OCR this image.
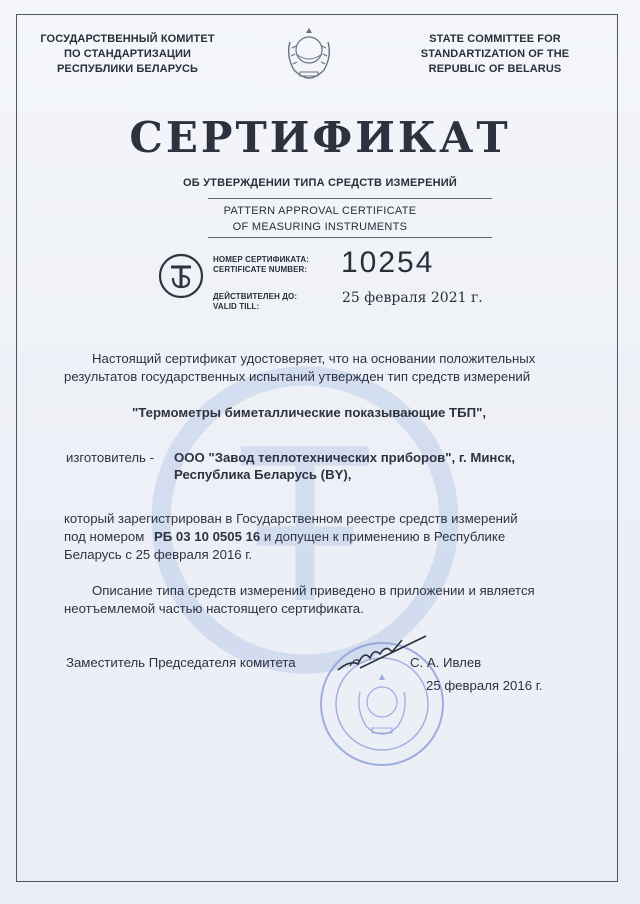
ГОСУДАРСТВЕННЫЙ КОМИТЕТ
ПО СТАНДАРТИЗАЦИИ
РЕСПУБЛИКИ БЕЛАРУСЬ
STATE COMMITTEE FOR
STANDARTIZATION OF THE
REPUBLIC OF BELARUS
СЕРТИФИКАТ
ОБ УТВЕРЖДЕНИИ ТИПА СРЕДСТВ ИЗМЕРЕНИЙ
PATTERN APPROVAL CERTIFICATE
OF MEASURING INSTRUMENTS
НОМЕР СЕРТИФИКАТА:
CERTIFICATE NUMBER:	10254
ДЕЙСТВИТЕЛЕН ДО:
VALID TILL:
25 февраля 2021 г.
Настоящий сертификат удостоверяет, что на основании положительных
результатов государственных испытаний утвержден тип средств измерений
"Термометры биметаллические показывающие ТБП",
изготовитель - ООО "Завод теплотехнических приборов", г. Минск,
Республика Беларусь (BY),
который зарегистрирован в Государственном реестре средств измерений
под номером РБ 03 10 0505 16 и допущен к применению в Республике
Беларусь с 25 февраля 2016 г.
Описание типа средств измерений приведено в приложении и является
неотъемлемой частью настоящего сертификата.
Заместитель Председателя комитета	С. А. Ивлев
25 февраля 2016 г.
